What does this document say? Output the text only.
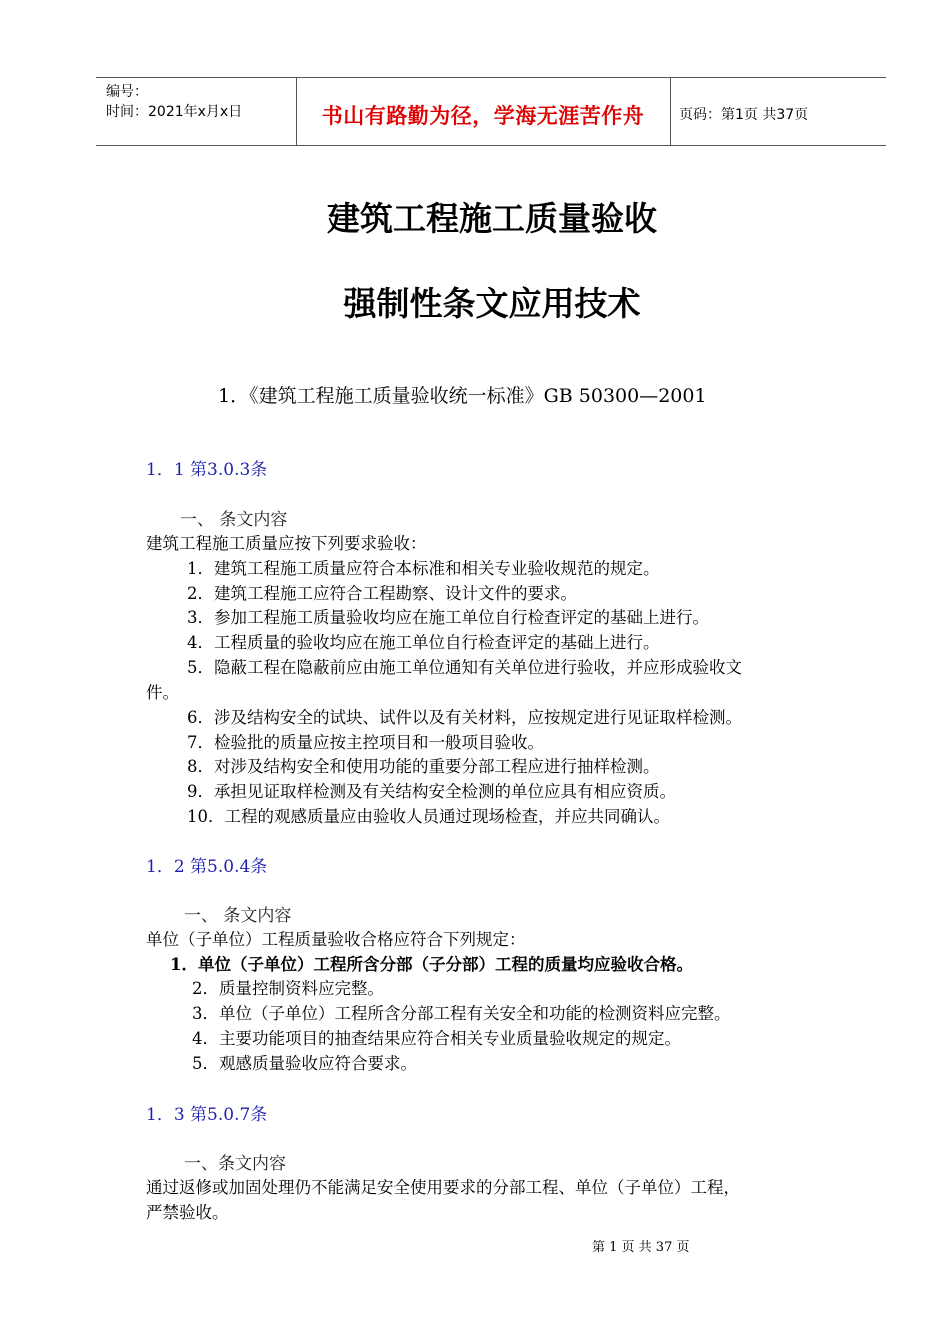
编号：
时间：2021年x月x日	书山有路勤为径，学海无涯苦作舟	页码：第1页 共37页
建筑工程施工质量验收
强制性条文应用技术
1．《建筑工程施工质量验收统一标准》GB 50300—2001
1．1 第3.0.3条
一、 条文内容
建筑工程施工质量应按下列要求验收：
1．建筑工程施工质量应符合本标准和相关专业验收规范的规定。
2．建筑工程施工应符合工程勘察、设计文件的要求。
3．参加工程施工质量验收均应在施工单位自行检查评定的基础上进行。
4．工程质量的验收均应在施工单位自行检查评定的基础上进行。
5．隐蔽工程在隐蔽前应由施工单位通知有关单位进行验收，并应形成验收文
件。
6．涉及结构安全的试块、试件以及有关材料，应按规定进行见证取样检测。
7．检验批的质量应按主控项目和一般项目验收。
8．对涉及结构安全和使用功能的重要分部工程应进行抽样检测。
9．承担见证取样检测及有关结构安全检测的单位应具有相应资质。
10．工程的观感质量应由验收人员通过现场检查，并应共同确认。
1．2 第5.0.4条
一、 条文内容
单位（子单位）工程质量验收合格应符合下列规定：
1．单位（子单位）工程所含分部（子分部）工程的质量均应验收合格。
2．质量控制资料应完整。
3．单位（子单位）工程所含分部工程有关安全和功能的检测资料应完整。
4．主要功能项目的抽查结果应符合相关专业质量验收规定的规定。
5．观感质量验收应符合要求。
1．3 第5.0.7条
一、条文内容
通过返修或加固处理仍不能满足安全使用要求的分部工程、单位（子单位）工程，
严禁验收。
第 1 页 共 37 页
